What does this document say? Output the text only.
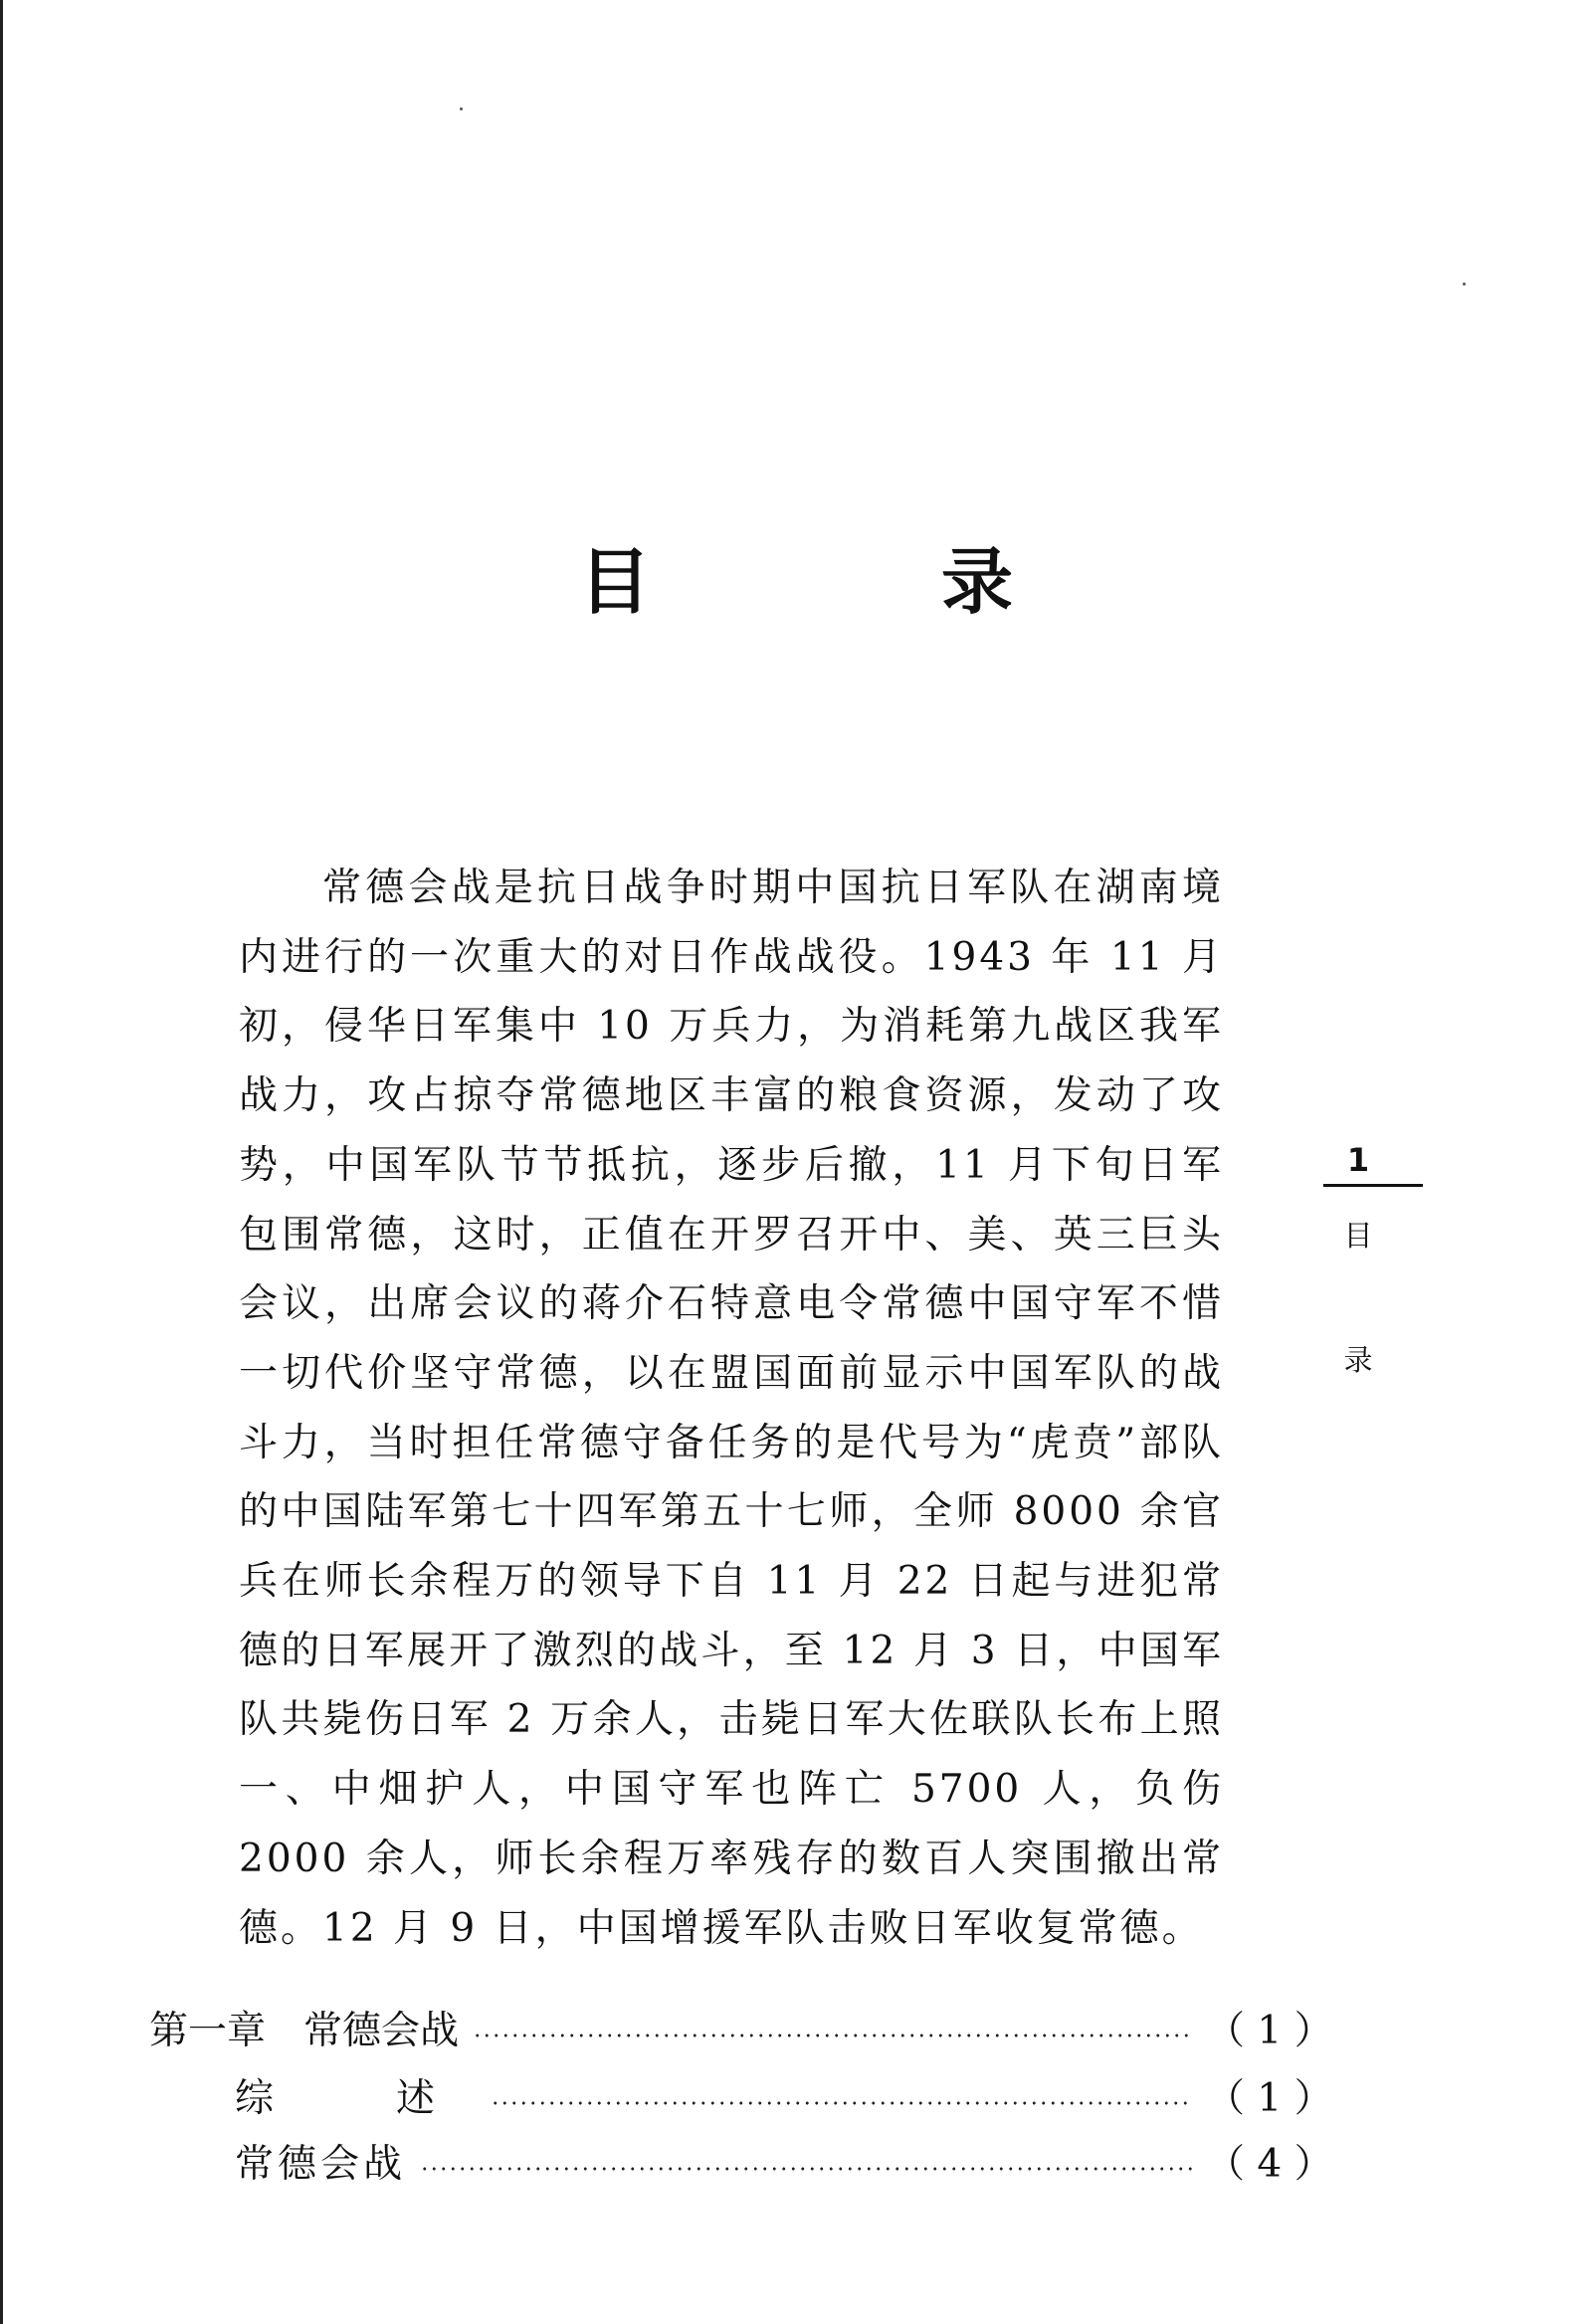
目　录

常德会战是抗日战争时期中国抗日军队在湖南境内进行的一次重大的对日作战战役。1943 年 11 月初，侵华日军集中 10 万兵力，为消耗第九战区我军战力，攻占掠夺常德地区丰富的粮食资源，发动了攻势，中国军队节节抵抗，逐步后撤，11 月下旬日军包围常德，这时，正值在开罗召开中、美、英三巨头会议，出席会议的蒋介石特意电令常德中国守军不惜一切代价坚守常德，以在盟国面前显示中国军队的战斗力，当时担任常德守备任务的是代号为“虎贲”部队的中国陆军第七十四军第五十七师，全师 8000 余官兵在师长余程万的领导下自 11 月 22 日起与进犯常德的日军展开了激烈的战斗，至 12 月 3 日，中国军队共毙伤日军 2 万余人，击毙日军大佐联队长布上照一、中畑护人，中国守军也阵亡 5700 人，负伤 2000 余人，师长余程万率残存的数百人突围撤出常德。12 月 9 日，中国增援军队击败日军收复常德。

1
目
录
第一章 常德会战	（ 1 ）
综　述	（ 1 ）
常德会战	（ 4 ）
